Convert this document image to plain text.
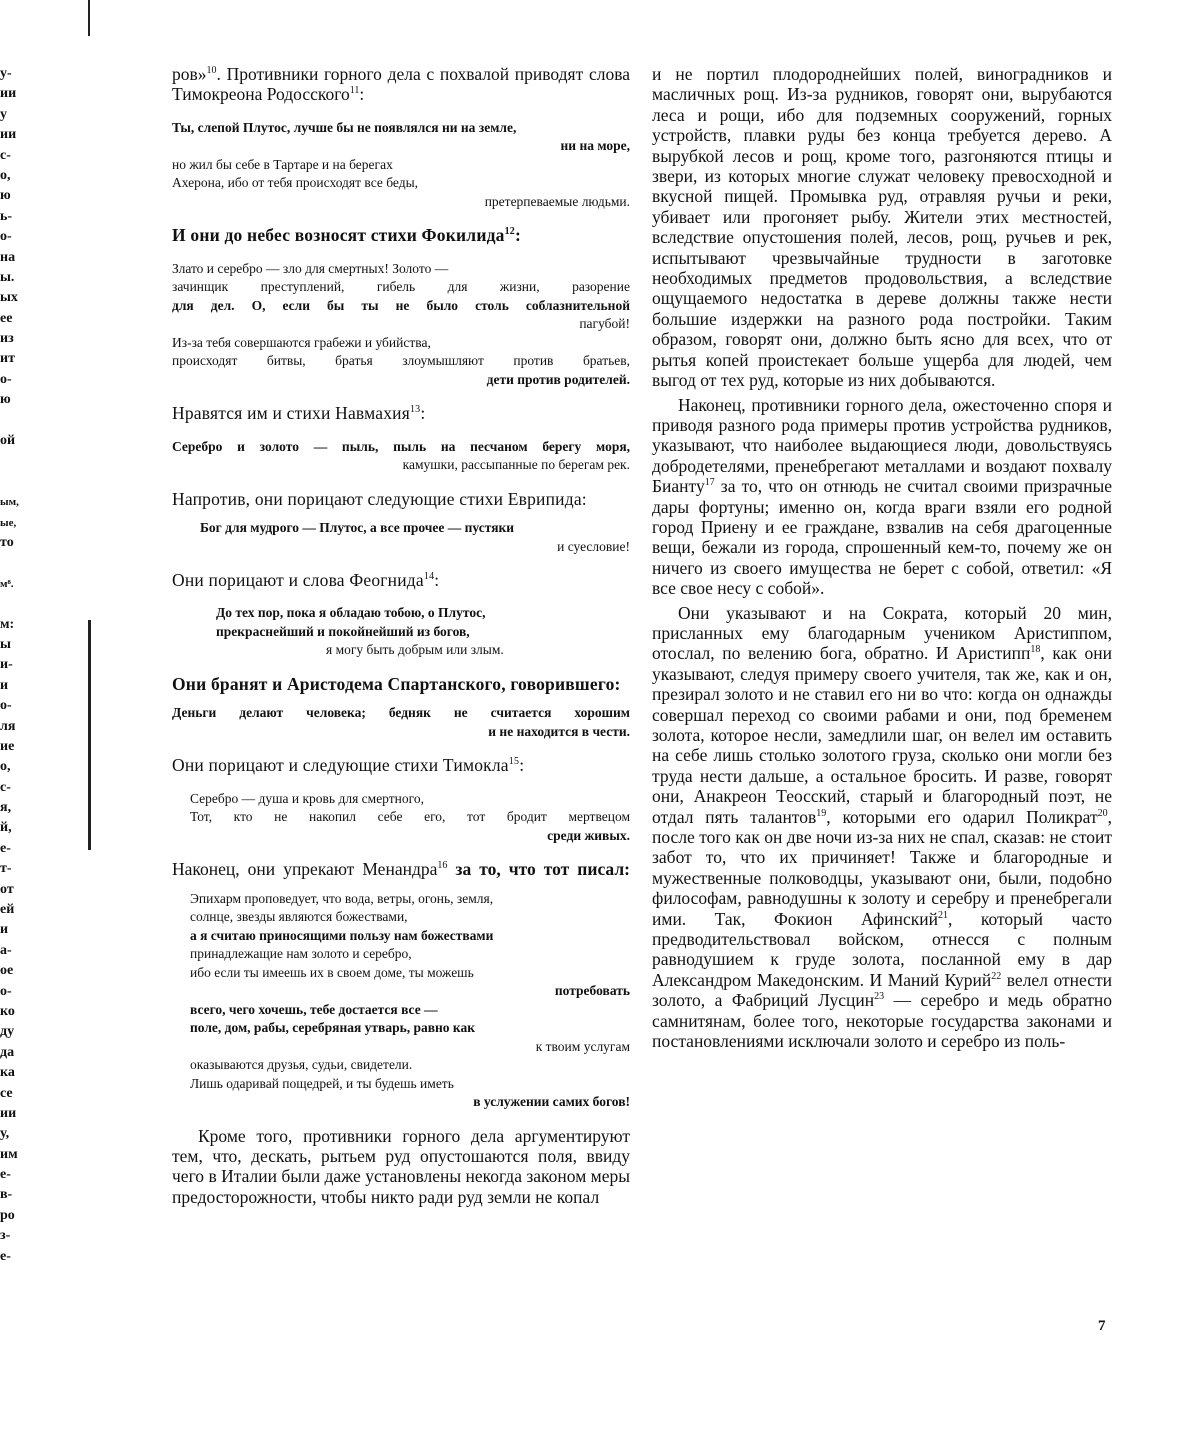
у-
ии
у
ии
с-
о,
ю
ь-
о-
на
ы.
ых
ее
из
ит
о-
ю
ой
ым,
ые,
то
м⁸.
м:
ы
и-
и
о-
ля
ие
о,
с-
я,
й,
е-
т-
от
ей
и
а-
ое
о-
ко
ду
да
ка
се
ии
у,
им
е-
в-
ро
з-
е-

ров»$^{10}$. Противники горного дела с похвалой приводят слова Тимокреона Родосского$^{11}$:

Ты, слепой Плутос, лучше бы не появлялся ни на земле,
ни на море,
но жил бы себе в Тартаре и на берегах
Ахерона, ибо от тебя происходят все беды,
претерпеваемые людьми.

И они до небес возносят стихи Фокилида$^{12}$:

Злато и серебро — зло для смертных! Золото —
зачинщик преступлений, гибель для жизни, разорение
для дел. О, если бы ты не было столь соблазнительной
пагубой!
Из-за тебя совершаются грабежи и убийства,
происходят битвы, братья злоумышляют против братьев,
дети против родителей.

Нравятся им и стихи Навмахия$^{13}$:

Серебро и золото — пыль, пыль на песчаном берегу моря,
камушки, рассыпанные по берегам рек.

Напротив, они порицают следующие стихи Еврипида:

Бог для мудрого — Плутос, а все прочее — пустяки
и суесловие!

Они порицают и слова Феогнида$^{14}$:

До тех пор, пока я обладаю тобою, о Плутос,
прекраснейший и покойнейший из богов,
я могу быть добрым или злым.

Они бранят и Аристодема Спартанского, говорившего:

Деньги делают человека; бедняк не считается хорошим
и не находится в чести.

Они порицают и следующие стихи Тимокла$^{15}$:

Серебро — душа и кровь для смертного,
Тот, кто не накопил себе его, тот бродит мертвецом
среди живых.

Наконец, они упрекают Менандра$^{16}$ за то, что тот писал:

Эпихарм проповедует, что вода, ветры, огонь, земля,
солнце, звезды являются божествами,
а я считаю приносящими пользу нам божествами
принадлежащие нам золото и серебро,
ибо если ты имеешь их в своем доме, ты можешь
потребовать
всего, чего хочешь, тебе достается все —
поле, дом, рабы, серебряная утварь, равно как
к твоим услугам
оказываются друзья, судьи, свидетели.
Лишь одаривай пощедрей, и ты будешь иметь
в услужении самих богов!

Кроме того, противники горного дела аргументируют тем, что, дескать, рытьем руд опустошаются поля, ввиду чего в Италии были даже установлены некогда законом меры предосторожности, чтобы никто ради руд земли не копал

и не портил плодороднейших полей, виноградников и масличных рощ. Из-за рудников, говорят они, вырубаются леса и рощи, ибо для подземных сооружений, горных устройств, плавки руды без конца требуется дерево. А вырубкой лесов и рощ, кроме того, разгоняются птицы и звери, из которых многие служат человеку превосходной и вкусной пищей. Промывка руд, отравляя ручьи и реки, убивает или прогоняет рыбу. Жители этих местностей, вследствие опустошения полей, лесов, рощ, ручьев и рек, испытывают чрезвычайные трудности в заготовке необходимых предметов продовольствия, а вследствие ощущаемого недостатка в дереве должны также нести большие издержки на разного рода постройки. Таким образом, говорят они, должно быть ясно для всех, что от рытья копей проистекает больше ущерба для людей, чем выгод от тех руд, которые из них добываются.

Наконец, противники горного дела, ожесточенно споря и приводя разного рода примеры против устройства рудников, указывают, что наиболее выдающиеся люди, довольствуясь добродетелями, пренебрегают металлами и воздают похвалу Бианту$^{17}$ за то, что он отнюдь не считал своими призрачные дары фортуны; именно он, когда враги взяли его родной город Приену и ее граждане, взвалив на себя драгоценные вещи, бежали из города, спрошенный кем-то, почему же он ничего из своего имущества не берет с собой, ответил: «Я все свое несу с собой».

Они указывают и на Сократа, который 20 мин, присланных ему благодарным учеником Аристиппом, отослал, по велению бога, обратно. И Аристипп$^{18}$, как они указывают, следуя примеру своего учителя, так же, как и он, презирал золото и не ставил его ни во что: когда он однажды совершал переход со своими рабами и они, под бременем золота, которое несли, замедлили шаг, он велел им оставить на себе лишь столько золотого груза, сколько они могли без труда нести дальше, а остальное бросить. И разве, говорят они, Анакреон Теосский, старый и благородный поэт, не отдал пять талантов$^{19}$, которыми его одарил Поликрат$^{20}$, после того как он две ночи из-за них не спал, сказав: не стоит забот то, что их причиняет! Также и благородные и мужественные полководцы, указывают они, были, подобно философам, равнодушны к золоту и серебру и пренебрегали ими. Так, Фокион Афинский$^{21}$, который часто предводительствовал войском, отнесся с полным равнодушием к груде золота, посланной ему в дар Александром Македонским. И Маний Курий$^{22}$ велел отнести золото, а Фабриций Лусцин$^{23}$ — серебро и медь обратно самнитянам, более того, некоторые государства законами и постановлениями исключали золото и серебро из поль-

7
